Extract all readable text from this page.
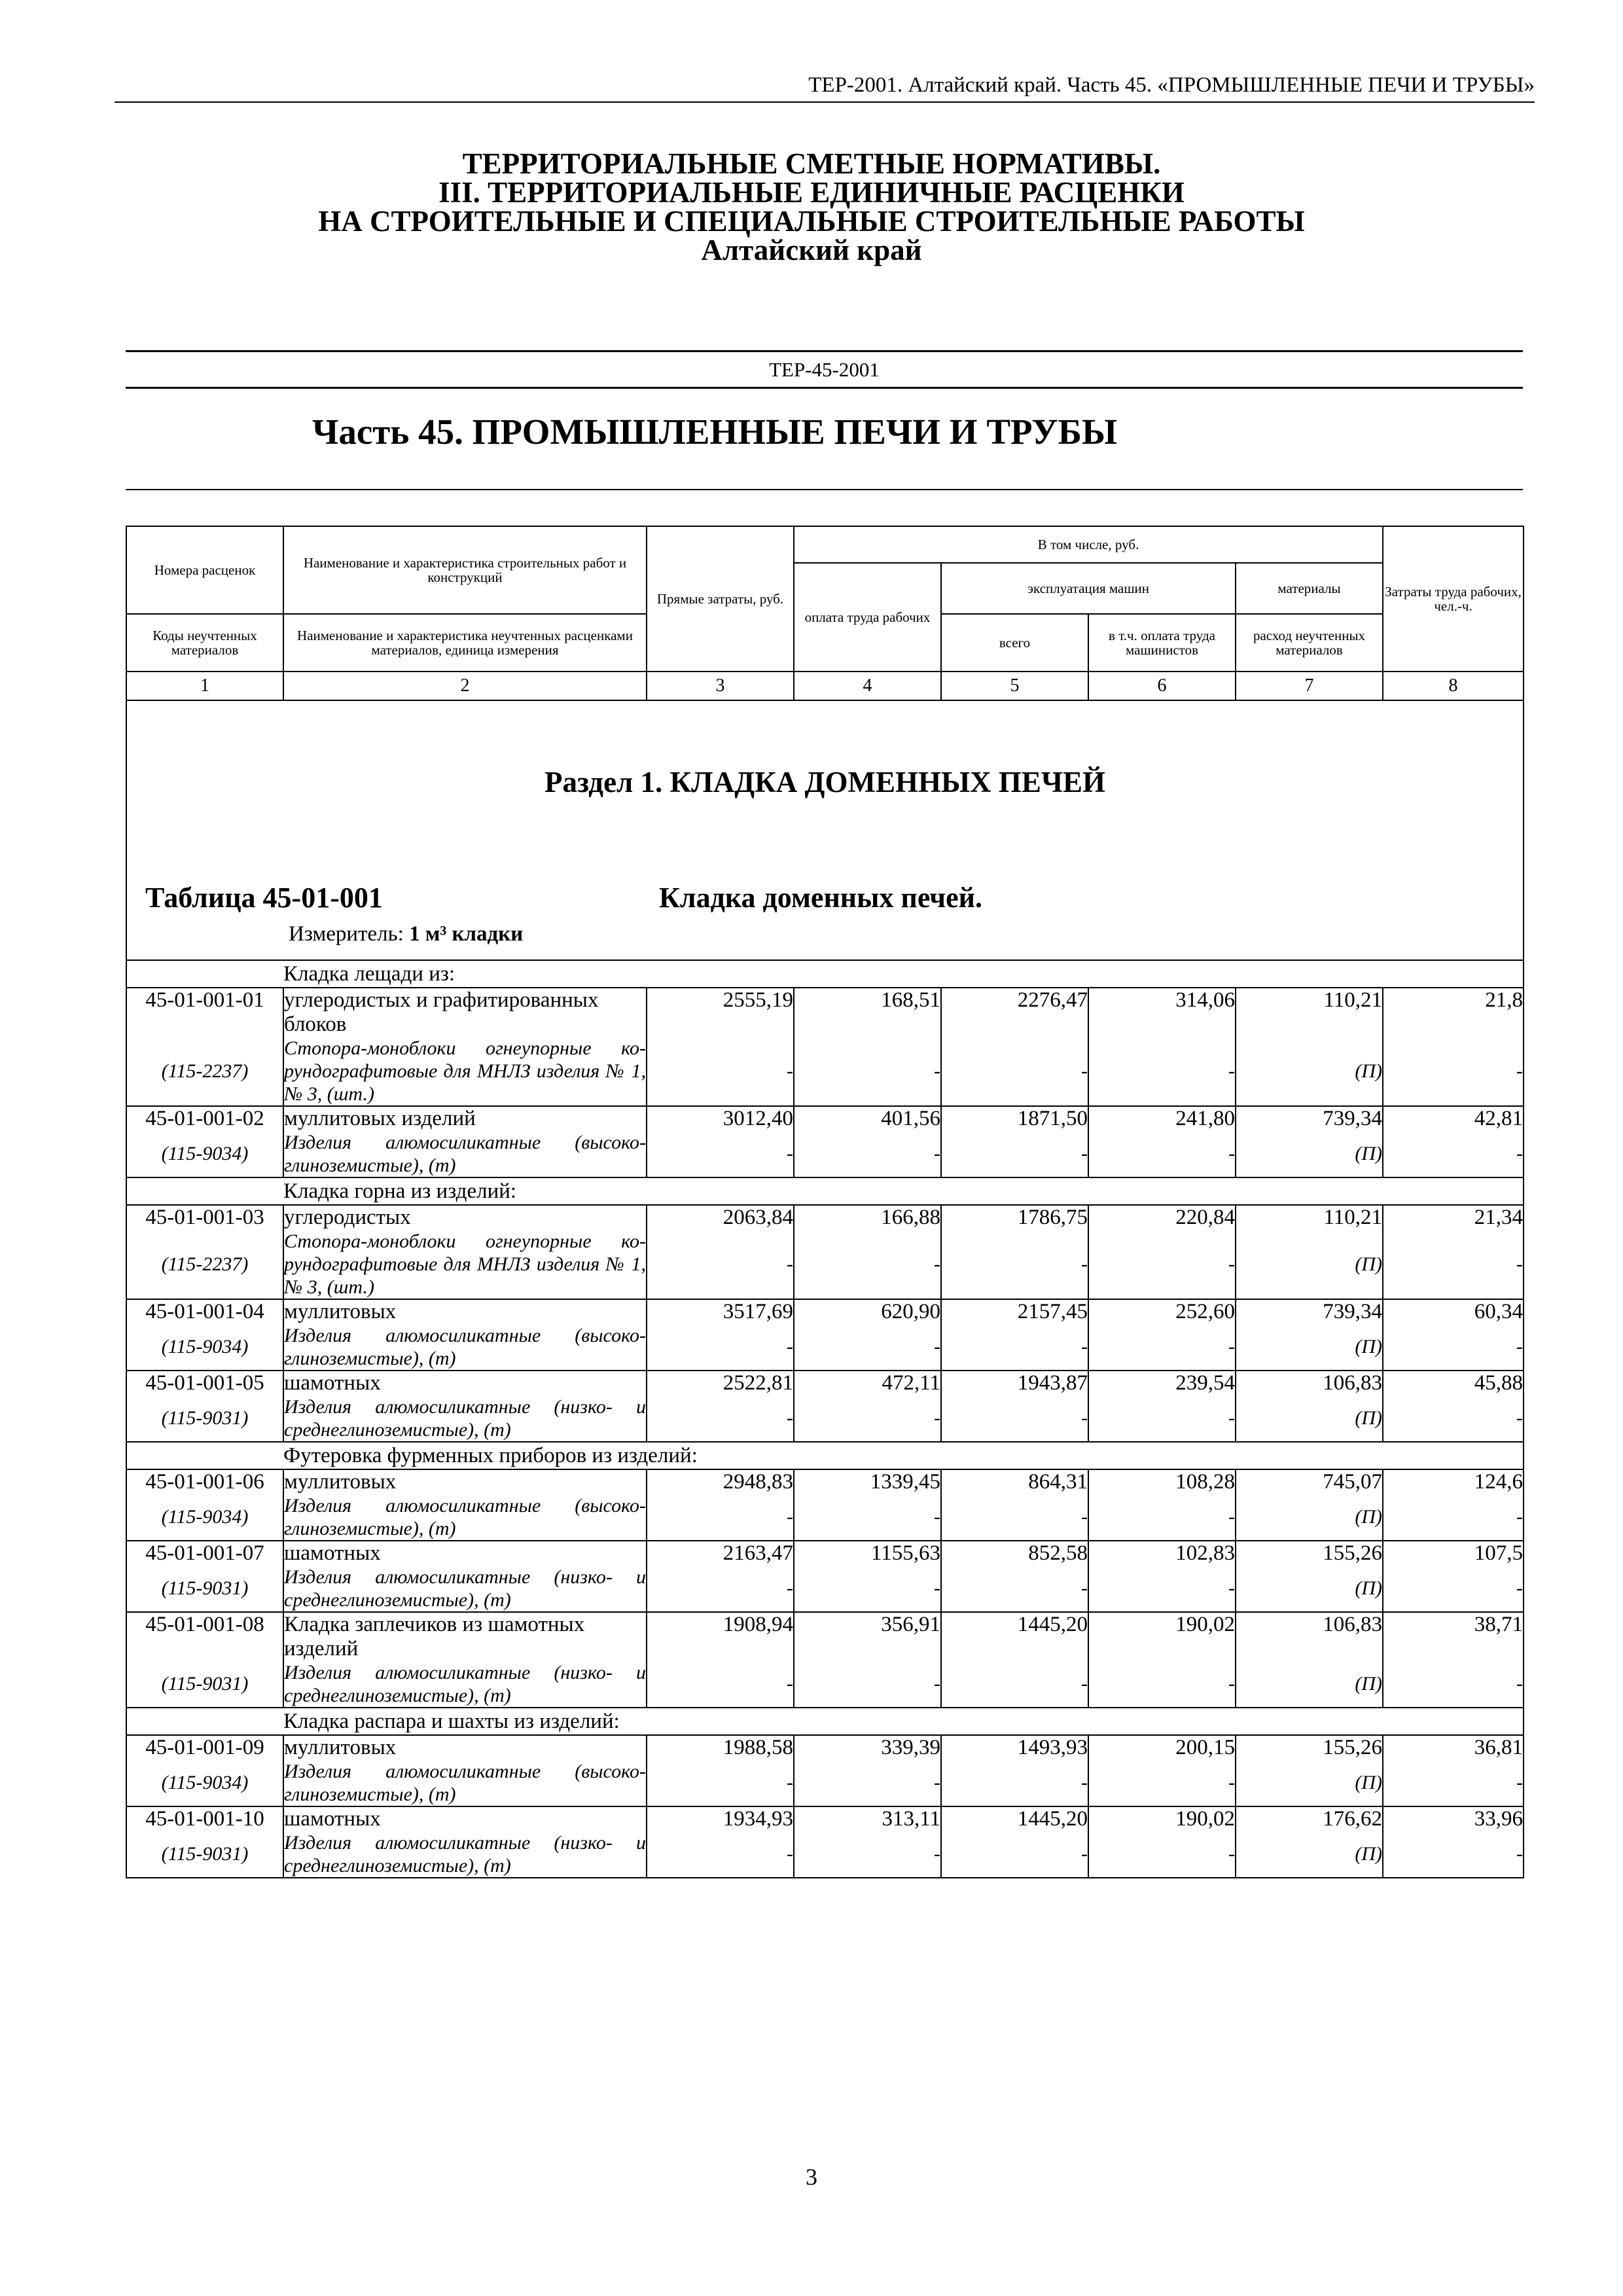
ТЕР-2001. Алтайский край. Часть 45. «ПРОМЫШЛЕННЫЕ ПЕЧИ И ТРУБЫ»
ТЕРРИТОРИАЛЬНЫЕ СМЕТНЫЕ НОРМАТИВЫ.
III. ТЕРРИТОРИАЛЬНЫЕ ЕДИНИЧНЫЕ РАСЦЕНКИ
НА СТРОИТЕЛЬНЫЕ И СПЕЦИАЛЬНЫЕ СТРОИТЕЛЬНЫЕ РАБОТЫ
Алтайский край
ТЕР-45-2001
Часть 45. ПРОМЫШЛЕННЫЕ ПЕЧИ И ТРУБЫ
Номера расценок	Наименование и характеристика строительных работ и конструкций	Прямые затраты, руб.	В том числе, руб.				Затраты труда рабочих, чел.-ч.
			оплата труда рабочих	эксплуатация машин		материалы	
Коды неучтенных материалов	Наименование и характеристика неучтенных расценками материалов, единица измерения			всего	в т.ч. оплата труда машинистов	расход неучтенных материалов	
1	2	3	4	5	6	7	8

Раздел 1. КЛАДКА ДОМЕННЫХ ПЕЧЕЙ
Таблица 45-01-001 Кладка доменных печей.
Измеритель: 1 м³ кладки							

	Кладка лещади из:						
45-01-001-01	углеродистых и графитированных блоков	2555,19	168,51	2276,47	314,06	110,21	21,8
(115-2237)	Стопора-моноблоки огнеупорные корундографитовые для МНЛЗ изделия № 1, № 3, (шт.)	-	-	-	-	(П)	-
45-01-001-02	муллитовых изделий	3012,40	401,56	1871,50	241,80	739,34	42,81
(115-9034)	Изделия алюмосиликатные (высокоглиноземистые), (т)	-	-	-	-	(П)	-
	Кладка горна из изделий:						
45-01-001-03	углеродистых	2063,84	166,88	1786,75	220,84	110,21	21,34
(115-2237)	Стопора-моноблоки огнеупорные корундографитовые для МНЛЗ изделия № 1, № 3, (шт.)	-	-	-	-	(П)	-
45-01-001-04	муллитовых	3517,69	620,90	2157,45	252,60	739,34	60,34
(115-9034)	Изделия алюмосиликатные (высокоглиноземистые), (т)	-	-	-	-	(П)	-
45-01-001-05	шамотных	2522,81	472,11	1943,87	239,54	106,83	45,88
(115-9031)	Изделия алюмосиликатные (низко- и среднеглиноземистые), (т)	-	-	-	-	(П)	-
	Футеровка фурменных приборов из изделий:						
45-01-001-06	муллитовых	2948,83	1339,45	864,31	108,28	745,07	124,6
(115-9034)	Изделия алюмосиликатные (высокоглиноземистые), (т)	-	-	-	-	(П)	-
45-01-001-07	шамотных	2163,47	1155,63	852,58	102,83	155,26	107,5
(115-9031)	Изделия алюмосиликатные (низко- и среднеглиноземистые), (т)	-	-	-	-	(П)	-
45-01-001-08	Кладка заплечиков из шамотных изделий	1908,94	356,91	1445,20	190,02	106,83	38,71
(115-9031)	Изделия алюмосиликатные (низко- и среднеглиноземистые), (т)	-	-	-	-	(П)	-
	Кладка распара и шахты из изделий:						
45-01-001-09	муллитовых	1988,58	339,39	1493,93	200,15	155,26	36,81
(115-9034)	Изделия алюмосиликатные (высокоглиноземистые), (т)	-	-	-	-	(П)	-
45-01-001-10	шамотных	1934,93	313,11	1445,20	190,02	176,62	33,96
(115-9031)	Изделия алюмосиликатные (низко- и среднеглиноземистые), (т)	-	-	-	-	(П)	-
3
